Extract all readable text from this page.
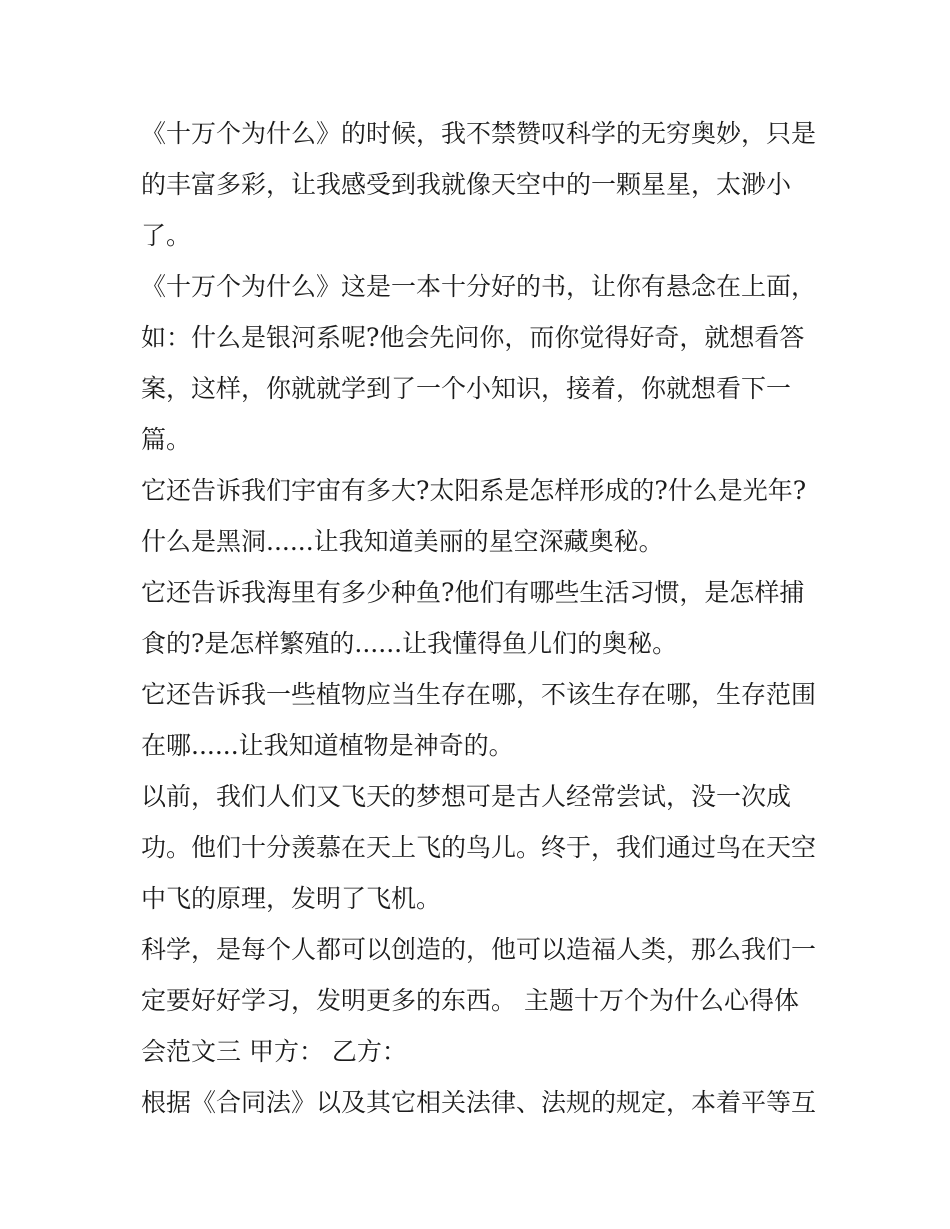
《十万个为什么》的时候，我不禁赞叹科学的无穷奥妙，只是
的丰富多彩，让我感受到我就像天空中的一颗星星，太渺小
了。
《十万个为什么》这是一本十分好的书，让你有悬念在上面，
如：什么是银河系呢?他会先问你，而你觉得好奇，就想看答
案，这样，你就就学到了一个小知识，接着，你就想看下一
篇。
它还告诉我们宇宙有多大?太阳系是怎样形成的?什么是光年?
什么是黑洞......让我知道美丽的星空深藏奥秘。
它还告诉我海里有多少种鱼?他们有哪些生活习惯，是怎样捕
食的?是怎样繁殖的......让我懂得鱼儿们的奥秘。
它还告诉我一些植物应当生存在哪，不该生存在哪，生存范围
在哪......让我知道植物是神奇的。
以前，我们人们又飞天的梦想可是古人经常尝试，没一次成
功。他们十分羡慕在天上飞的鸟儿。终于，我们通过鸟在天空
中飞的原理，发明了飞机。
科学，是每个人都可以创造的，他可以造福人类，那么我们一
定要好好学习，发明更多的东西。 主题十万个为什么心得体
会范文三 甲方： 乙方：
根据《合同法》以及其它相关法律、法规的规定，本着平等互
